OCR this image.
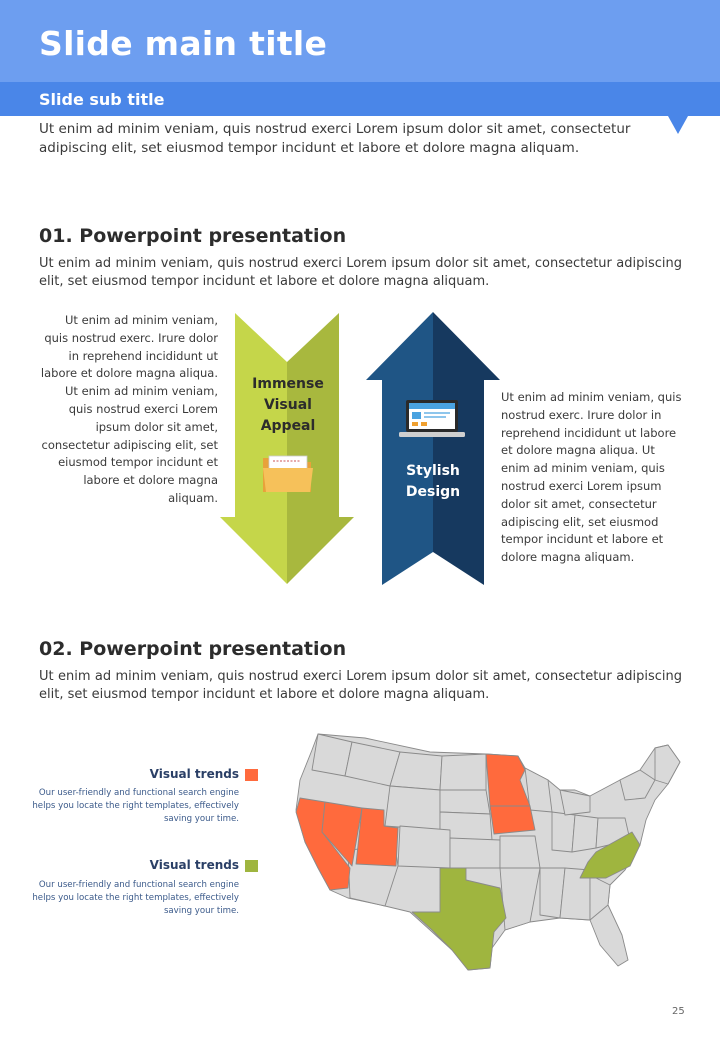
Slide main title
Slide sub title

Ut enim ad minim veniam, quis nostrud exerci Lorem ipsum dolor sit amet, consectetur adipiscing elit, set eiusmod tempor incidunt et labore et dolore magna aliquam.

01. Powerpoint presentation

Ut enim ad minim veniam, quis nostrud exerci Lorem ipsum dolor sit amet, consectetur adipiscing elit, set eiusmod tempor incidunt et labore et dolore magna aliquam.

Ut enim ad minim veniam, quis nostrud exerc. Irure dolor in reprehend incididunt ut labore et dolore magna aliqua. Ut enim ad minim veniam, quis nostrud exerci Lorem ipsum dolor sit amet, consectetur adipiscing elit, set eiusmod tempor incidunt et labore et dolore magna aliquam.

Immense Visual Appeal
Stylish Design

Ut enim ad minim veniam, quis nostrud exerc. Irure dolor in reprehend incididunt ut labore et dolore magna aliqua. Ut enim ad minim veniam, quis nostrud exerci Lorem ipsum dolor sit amet, consectetur adipiscing elit, set eiusmod tempor incidunt et labore et dolore magna aliquam.

02. Powerpoint presentation

Ut enim ad minim veniam, quis nostrud exerci Lorem ipsum dolor sit amet, consectetur adipiscing elit, set eiusmod tempor incidunt et labore et dolore magna aliquam.

Visual trends

Our user-friendly and functional search engine helps you locate the right templates, effectively saving your time.

Visual trends

Our user-friendly and functional search engine helps you locate the right templates, effectively saving your time.

25
